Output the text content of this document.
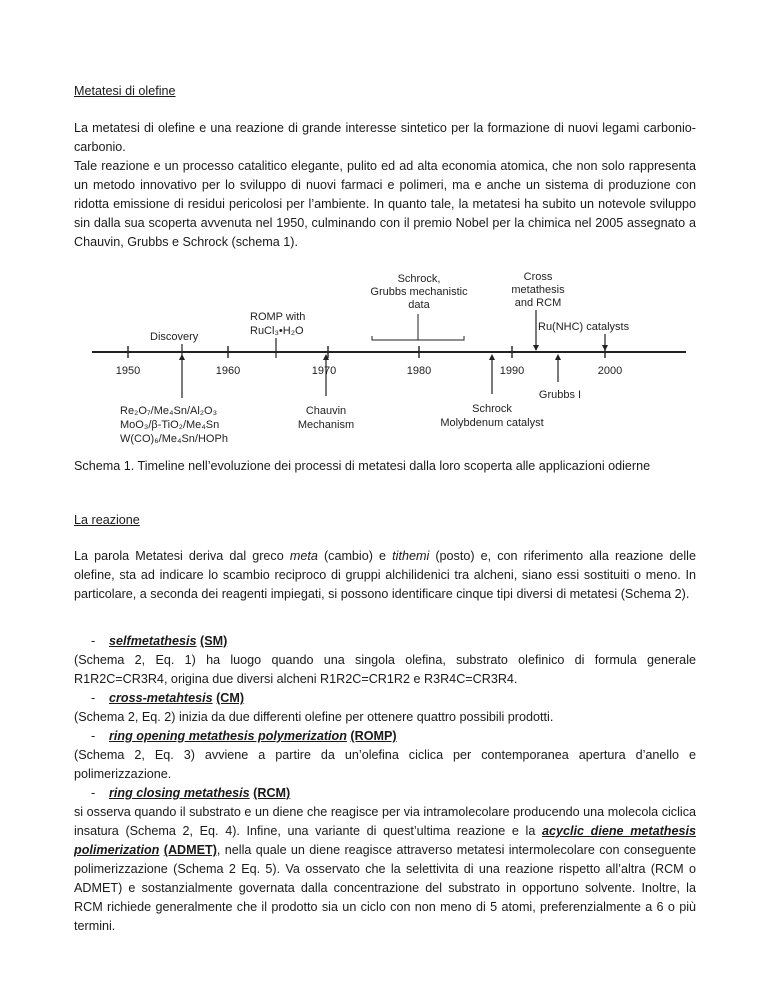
Metatesi di olefine

La metatesi di olefine e una reazione di grande interesse sintetico per la formazione di nuovi legami carbonio-carbonio.

Tale reazione e un processo catalitico elegante, pulito ed ad alta economia atomica, che non solo rappresenta un metodo innovativo per lo sviluppo di nuovi farmaci e polimeri, ma e anche un sistema di produzione con ridotta emissione di residui pericolosi per l’ambiente. In quanto tale, la metatesi ha subito un notevole sviluppo sin dalla sua scoperta avvenuta nel 1950, culminando con il premio Nobel per la chimica nel 2005 assegnato a Chauvin, Grubbs e Schrock (schema 1).

1950	1960	1970	1980	1990	2000
Discovery
ROMP with
RuCl₃•H₂O
Schrock,
Grubbs mechanistic
data
Cross
metathesis
and RCM
Ru(NHC) catalysts
Re₂O₇/Me₄Sn/Al₂O₃
MoO₃/β-TiO₂/Me₄Sn
W(CO)₆/Me₄Sn/HOPh
Chauvin
Mechanism
Schrock
Molybdenum catalyst
Grubbs I

Schema 1. Timeline nell’evoluzione dei processi di metatesi dalla loro scoperta alle applicazioni odierne

La reazione

La parola Metatesi deriva dal greco meta (cambio) e tithemi (posto) e, con riferimento alla reazione delle olefine, sta ad indicare lo scambio reciproco di gruppi alchilidenici tra alcheni, siano essi sostituiti o meno. In particolare, a seconda dei reagenti impiegati, si possono identificare cinque tipi diversi di metatesi (Schema 2).

- selfmetathesis (SM)

(Schema 2, Eq. 1) ha luogo quando una singola olefina, substrato olefinico di formula generale R1R2C=CR3R4, origina due diversi alcheni R1R2C=CR1R2 e R3R4C=CR3R4.

- cross-metahtesis (CM)

(Schema 2, Eq. 2) inizia da due differenti olefine per ottenere quattro possibili prodotti.

- ring opening metathesis polymerization (ROMP)

(Schema 2, Eq. 3) avviene a partire da un’olefina ciclica per contemporanea apertura d’anello e polimerizzazione.

- ring closing metathesis (RCM)

si osserva quando il substrato e un diene che reagisce per via intramolecolare producendo una molecola ciclica insatura (Schema 2, Eq. 4). Infine, una variante di quest’ultima reazione e la acyclic diene metathesis polimerization (ADMET), nella quale un diene reagisce attraverso metatesi intermolecolare con conseguente polimerizzazione (Schema 2 Eq. 5). Va osservato che la selettivita di una reazione rispetto all’altra (RCM o ADMET) e sostanzialmente governata dalla concentrazione del substrato in opportuno solvente. Inoltre, la RCM richiede generalmente che il prodotto sia un ciclo con non meno di 5 atomi, preferenzialmente a 6 o più termini.
